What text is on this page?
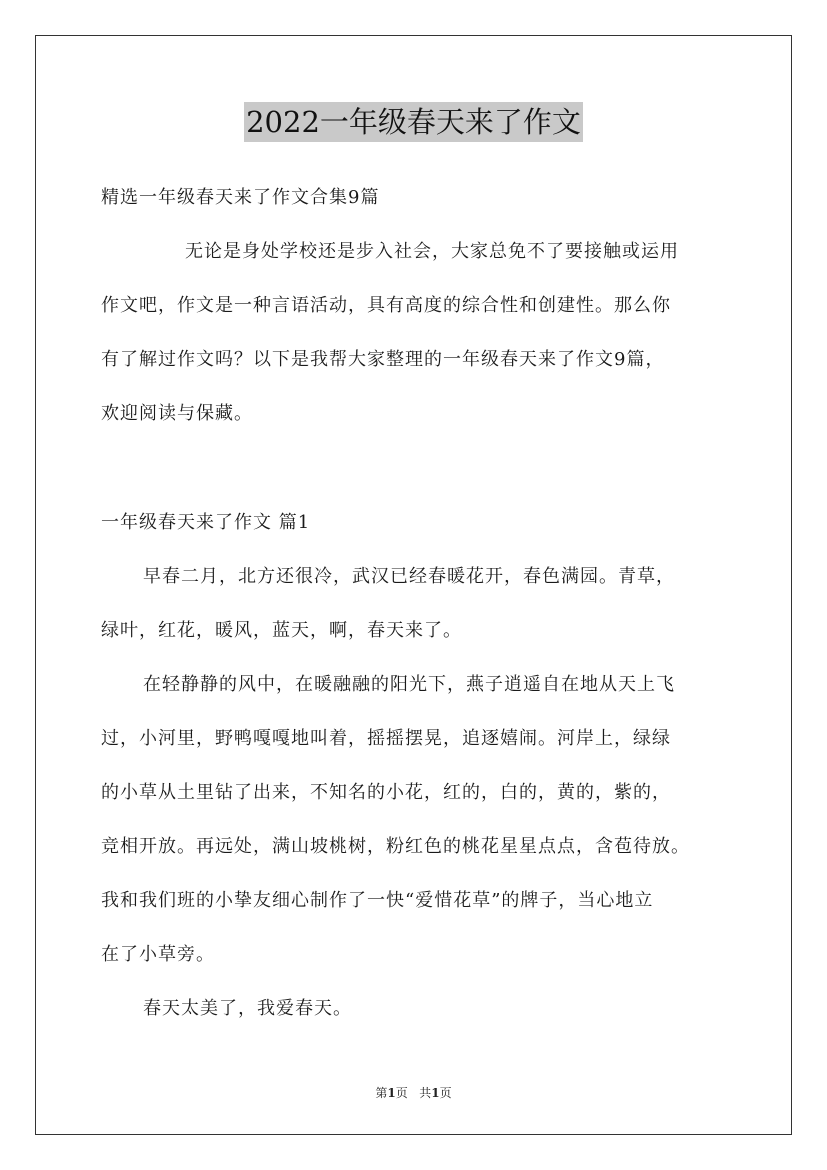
2022一年级春天来了作文
精选一年级春天来了作文合集9篇
无论是身处学校还是步入社会，大家总免不了要接触或运用
作文吧，作文是一种言语活动，具有高度的综合性和创建性。那么你
有了解过作文吗？以下是我帮大家整理的一年级春天来了作文9篇，
欢迎阅读与保藏。
一年级春天来了作文 篇1
早春二月，北方还很冷，武汉已经春暖花开，春色满园。青草，
绿叶，红花，暖风，蓝天，啊，春天来了。
在轻静静的风中，在暖融融的阳光下，燕子逍遥自在地从天上飞
过，小河里，野鸭嘎嘎地叫着，摇摇摆晃，追逐嬉闹。河岸上，绿绿
的小草从土里钻了出来，不知名的小花，红的，白的，黄的，紫的，
竞相开放。再远处，满山坡桃树，粉红色的桃花星星点点，含苞待放。
我和我们班的小挚友细心制作了一快“爱惜花草”的牌子，当心地立
在了小草旁。
春天太美了，我爱春天。
第1页 共1页
